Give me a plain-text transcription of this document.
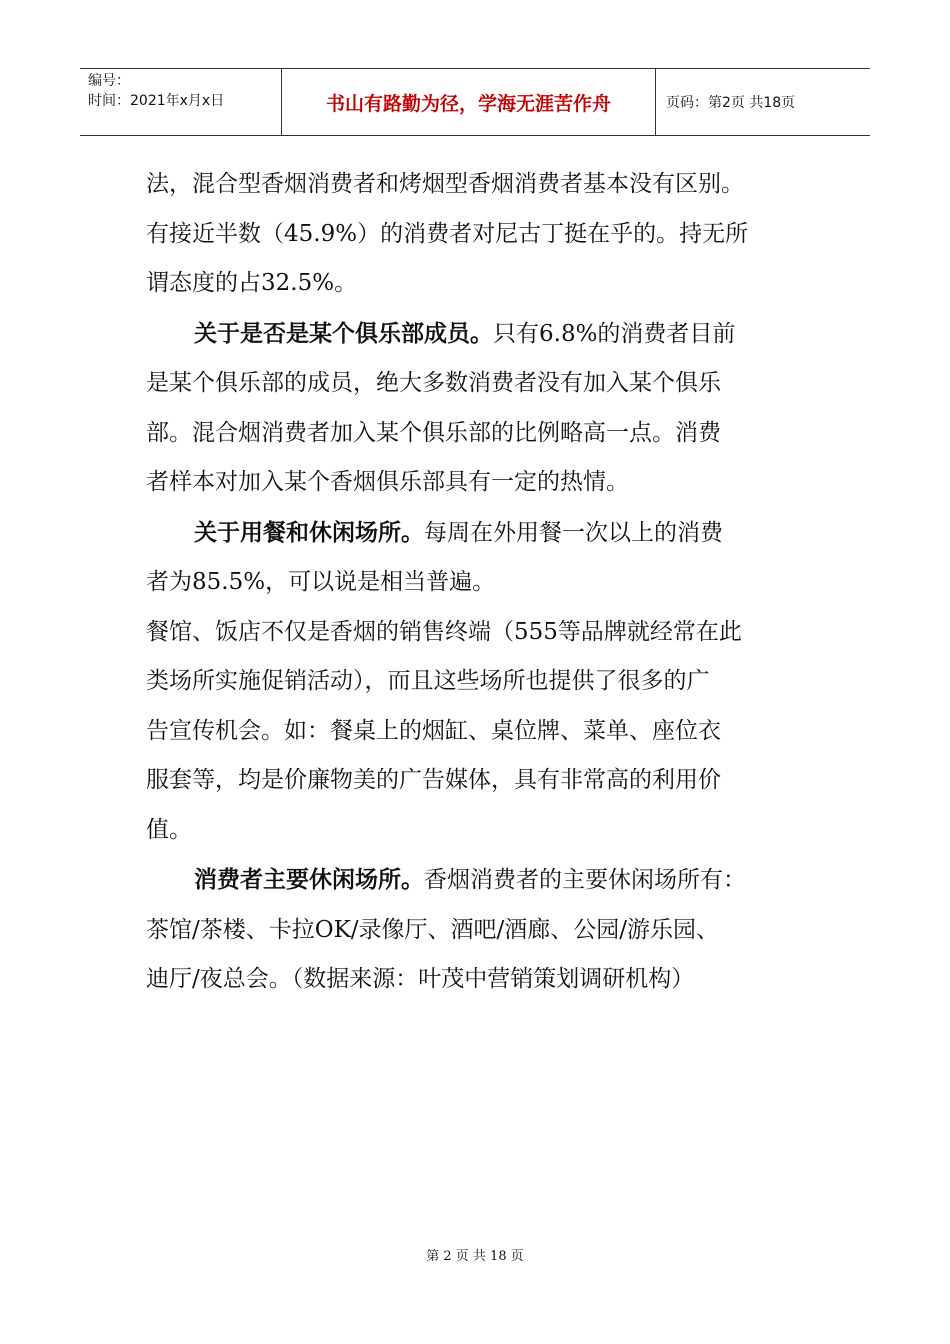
编号：
时间：2021年x月x日	书山有路勤为径，学海无涯苦作舟	页码：第2页 共18页

法，混合型香烟消费者和烤烟型香烟消费者基本没有区别。

有接近半数（45.9%）的消费者对尼古丁挺在乎的。持无所

谓态度的占32.5%。

关于是否是某个俱乐部成员。只有6.8%的消费者目前

是某个俱乐部的成员，绝大多数消费者没有加入某个俱乐

部。混合烟消费者加入某个俱乐部的比例略高一点。消费

者样本对加入某个香烟俱乐部具有一定的热情。

关于用餐和休闲场所。每周在外用餐一次以上的消费

者为85.5%，可以说是相当普遍。

餐馆、饭店不仅是香烟的销售终端（555等品牌就经常在此

类场所实施促销活动），而且这些场所也提供了很多的广

告宣传机会。如：餐桌上的烟缸、桌位牌、菜单、座位衣

服套等，均是价廉物美的广告媒体，具有非常高的利用价

值。

消费者主要休闲场所。香烟消费者的主要休闲场所有：

茶馆/茶楼、卡拉OK/录像厅、酒吧/酒廊、公园/游乐园、

迪厅/夜总会。（数据来源：叶茂中营销策划调研机构）

第 2 页 共 18 页
